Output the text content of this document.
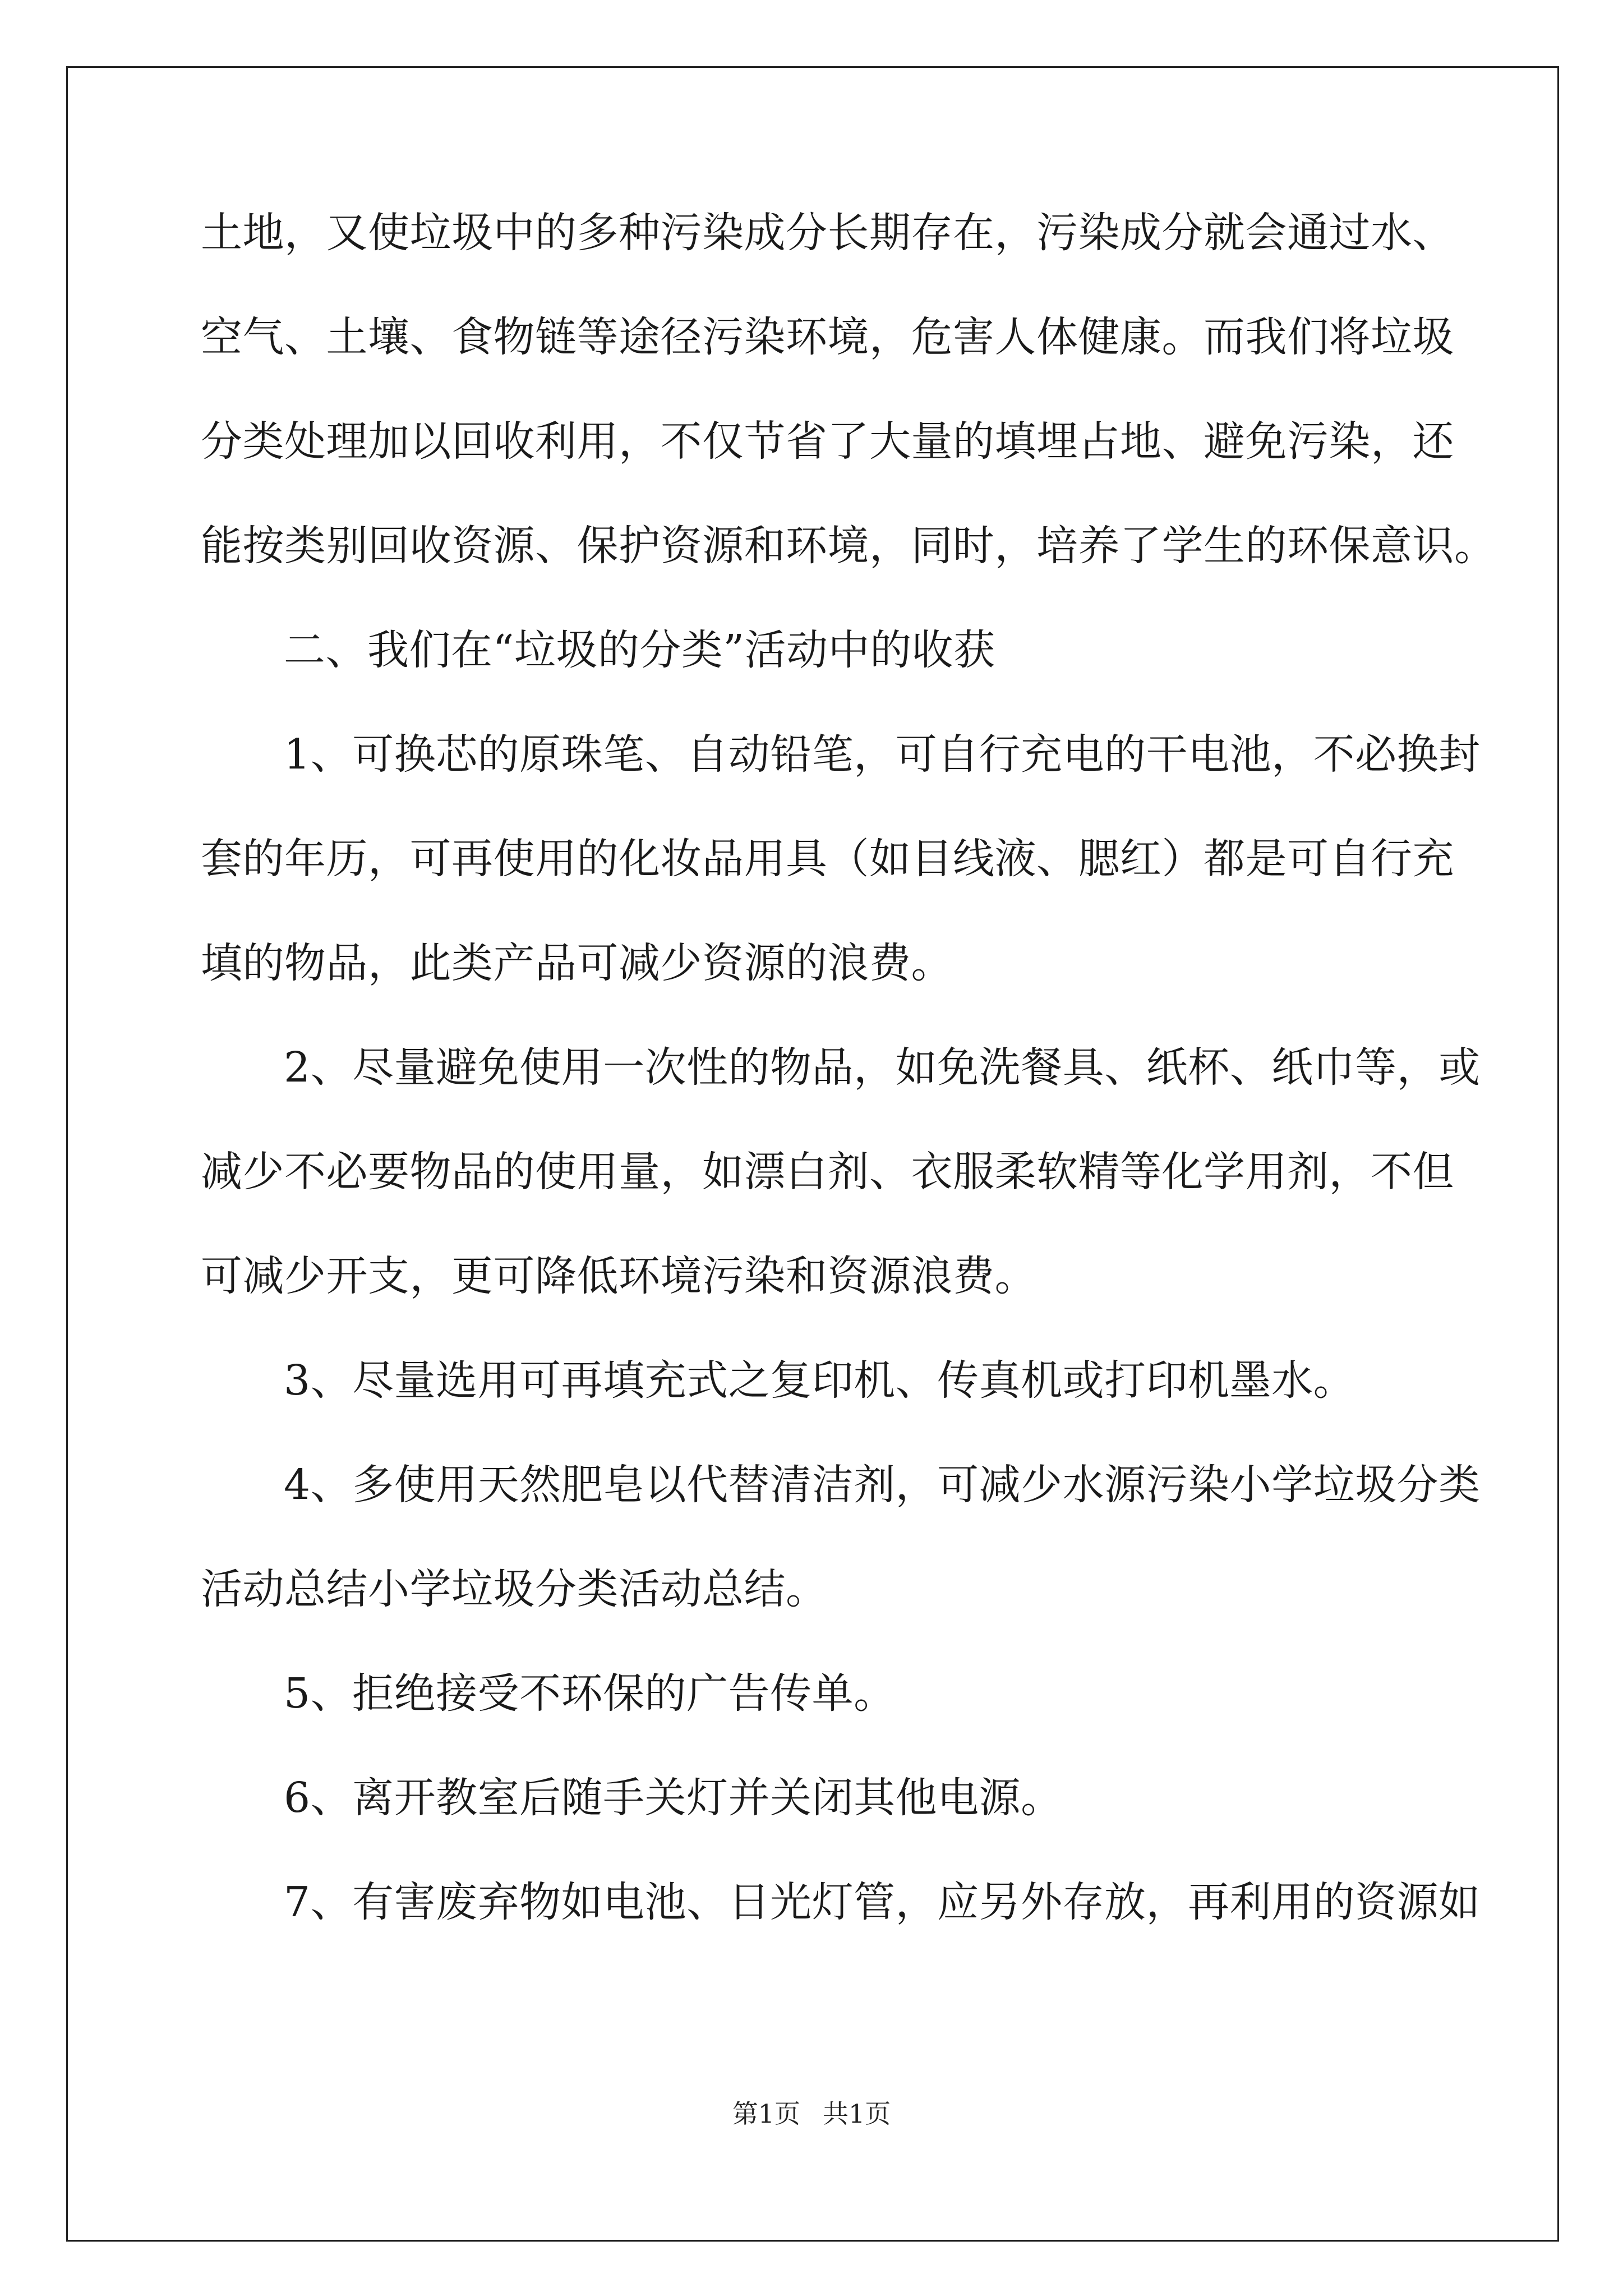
土地，又使垃圾中的多种污染成分长期存在，污染成分就会通过水、
空气、土壤、食物链等途径污染环境，危害人体健康。而我们将垃圾
分类处理加以回收利用，不仅节省了大量的填埋占地、避免污染，还
能按类别回收资源、保护资源和环境，同时，培养了学生的环保意识。
二、我们在“垃圾的分类”活动中的收获
1、可换芯的原珠笔、自动铅笔，可自行充电的干电池，不必换封
套的年历，可再使用的化妆品用具（如目线液、腮红）都是可自行充
填的物品，此类产品可减少资源的浪费。
2、尽量避免使用一次性的物品，如免洗餐具、纸杯、纸巾等，或
减少不必要物品的使用量，如漂白剂、衣服柔软精等化学用剂，不但
可减少开支，更可降低环境污染和资源浪费。
3、尽量选用可再填充式之复印机、传真机或打印机墨水。
4、多使用天然肥皂以代替清洁剂，可减少水源污染小学垃圾分类
活动总结小学垃圾分类活动总结。
5、拒绝接受不环保的广告传单。
6、离开教室后随手关灯并关闭其他电源。
7、有害废弃物如电池、日光灯管，应另外存放，再利用的资源如
第1页 共1页
